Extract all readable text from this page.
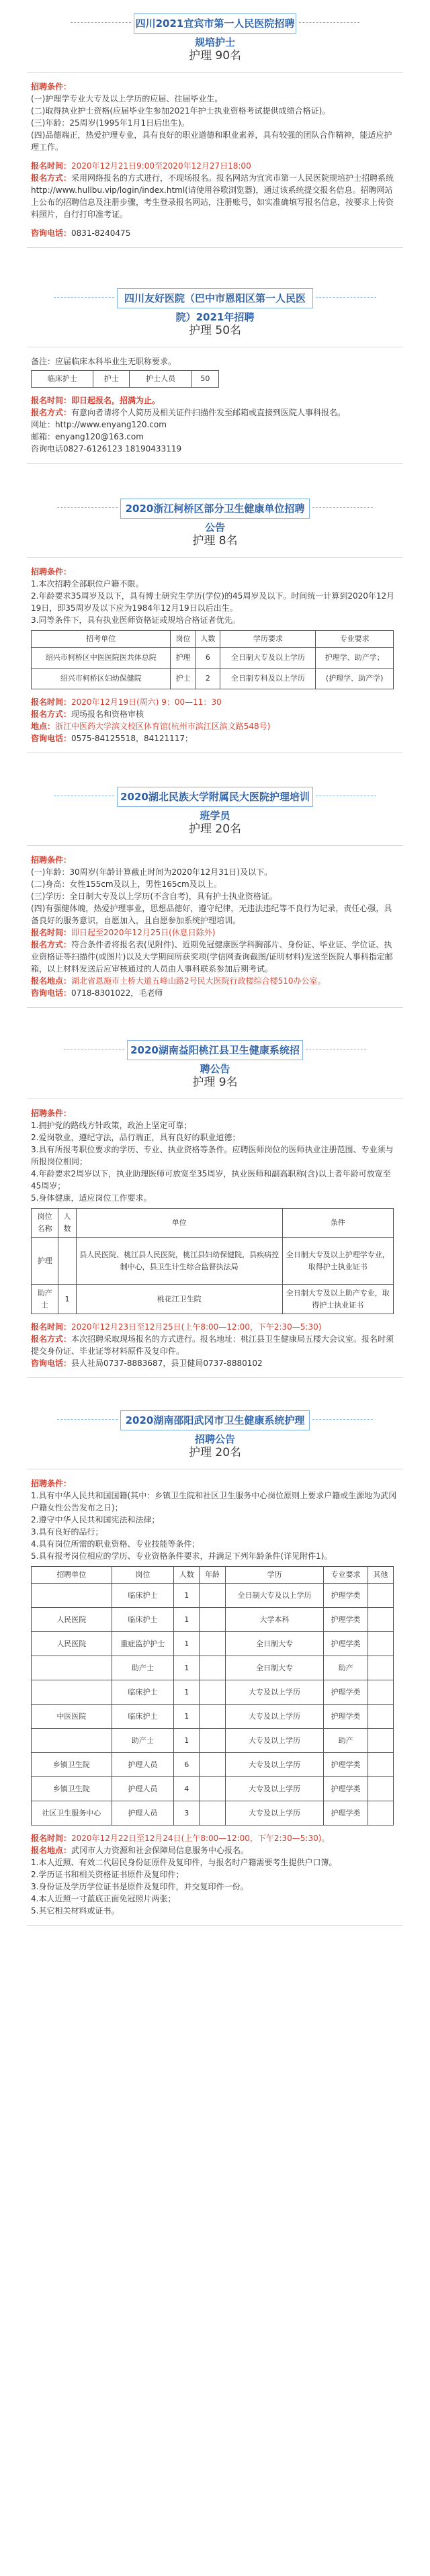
四川2021宜宾市第一人民医院招聘规培护士
护理 90名

招聘条件：

(一)护理学专业大专及以上学历的应届、往届毕业生。

(二)取得执业护士资格(应届毕业生参加2021年护士执业资格考试提供成绩合格证)。

(三)年龄：25周岁(1995年1月1日后出生)。

(四)品德端正，热爱护理专业，具有良好的职业道德和职业素养，具有较强的团队合作精神，能适应护理工作。

报名时间：2020年12月21日9:00至2020年12月27日18:00

报名方式：采用网络报名的方式进行，不现场报名。报名网站为宜宾市第一人民医院规培护士招聘系统http://www.hullbu.vip/login/index.html(请使用谷歌浏览器)，通过该系统提交报名信息。招聘网站上公布的招聘信息及注册步骤，考生登录报名网站，注册账号，如实准确填写报名信息，按要求上传资料照片，自行打印准考证。

咨询电话：0831-8240475

四川友好医院（巴中市恩阳区第一人民医院）2021年招聘
护理 50名

备注：应届临床本科毕业生无职称要求。

临床护士	护士	护士人员	50

报名时间：即日起报名，招满为止。

报名方式：有意向者请将个人简历及相关证件扫描件发至邮箱或直接到医院人事科报名。

网址：http://www.enyang120.com

邮箱：enyang120@163.com

咨询电话0827-6126123 18190433119

2020浙江柯桥区部分卫生健康单位招聘公告
护理 8名

招聘条件：

1.本次招聘全部职位户籍不限。

2.年龄要求35周岁及以下，具有博士研究生学历(学位)的45周岁及以下。时间统一计算到2020年12月19日，即35周岁及以下应为1984年12月19日以后出生。

3.同等条件下，具有执业医师资格证或规培合格证者优先。

招考单位	岗位	人数	学历要求	专业要求
绍兴市柯桥区中医医院医共体总院	护理	6	全日制大专及以上学历	护理学、助产学；
绍兴市柯桥区妇幼保健院	护士	2	全日制专科及以上学历	(护理学、助产学)

报名时间：2020年12月19日(周六) 9：00—11：30

报名方式：现场报名和资格审核

地点：浙江中医药大学滨文校区体育馆(杭州市滨江区滨文路548号)

咨询电话：0575-84125518，84121117；

2020湖北民族大学附属民大医院护理培训班学员
护理 20名

招聘条件：

(一)年龄：30周岁(年龄计算截止时间为2020年12月31日)及以下。

(二)身高：女性155cm及以上，男性165cm及以上。

(三)学历：全日制大专及以上学历(不含自考)，具有护士执业资格证。

(四)有强健体魄，热爱护理事业，思想品德好，遵守纪律，无违法违纪等不良行为记录，责任心强，具备良好的服务意识，自愿加入，且自愿参加系统护理培训。

报名时间：即日起至2020年12月25日(休息日除外)

报名方式：符合条件者将报名表(见附件)、近期免冠健康医学科胸部片、身份证、毕业证、学位证、执业资格证等扫描件(或图片)以及大学期间所获奖项(学信网查询截图/证明材料)发送至医院人事科指定邮箱，以上材料发送后应审核通过的人员由人事科联系参加后期考试。

报名地点：湖北省恩施市土桥大道五峰山路2号民大医院行政楼综合楼510办公室。

咨询电话：0718-8301022，毛老师

2020湖南益阳桃江县卫生健康系统招聘公告
护理 9名

招聘条件：

1.拥护党的路线方针政策，政治上坚定可靠；

2.爱岗敬业，遵纪守法，品行端正，具有良好的职业道德；

3.具有所报考职位要求的学历、专业、执业资格等条件。应聘医师岗位的医师执业注册范围、专业须与所报岗位相同；

4.年龄要求2周岁以下，执业助理医师可放宽至35周岁，执业医师和副高职称(含)以上者年龄可放宽至45周岁；

5.身体健康，适应岗位工作要求。

岗位名称	人数	单位	条件
护理		县人民医院、桃江县人民医院，桃江县妇幼保健院，县疾病控制中心，县卫生计生综合监督执法局	全日制大专及以上护理学专业，取得护士执业证书
助产士	1	桃花江卫生院	全日制大专及以上助产专业，取得护士执业证书

报名时间：2020年12月23日至12月25日(上午8:00—12:00，下午2:30—5:30)

报名方式：本次招聘采取现场报名的方式进行。报名地址：桃江县卫生健康局五楼大会议室。报名时须提交身份证、毕业证等材料原件及复印件。

咨询电话：县人社局0737-8883687，县卫健局0737-8880102

2020湖南邵阳武冈市卫生健康系统护理招聘公告
护理 20名

招聘条件：

1.具有中华人民共和国国籍(其中：乡镇卫生院和社区卫生服务中心岗位原则上要求户籍或生源地为武冈户籍女性公告发布之日)；

2.遵守中华人民共和国宪法和法律；

3.具有良好的品行；

4.具有岗位所需的职业资格、专业技能等条件；

5.具有报考岗位相应的学历、专业资格条件要求，并满足下列年龄条件(详见附件1)。

招聘单位	岗位	人数	年龄	学历	专业要求	其他
	临床护士	1		全日制大专及以上学历	护理学类	
人民医院	临床护士	1		大学本科	护理学类	
人民医院	重症监护护士	1		全日制大专	护理学类	
	助产士	1		全日制大专	助产	
	临床护士	1		大专及以上学历	护理学类	
中医医院	临床护士	1		大专及以上学历	护理学类	
	助产士	1		大专及以上学历	助产	
乡镇卫生院	护理人员	6		大专及以上学历	护理学类	
乡镇卫生院	护理人员	4		大专及以上学历	护理学类	
社区卫生服务中心	护理人员	3		大专及以上学历	护理学类	

报名时间：2020年12月22日至12月24日(上午8:00—12:00，下午2:30—5:30)。

报名地点：武冈市人力资源和社会保障局信息服务中心报名。

1.本人近照、有效二代居民身份证原件及复印件，与报名时户籍需要考生提供户口簿。

2.学历证书和相关资格证书原件及复印件；

3.身份证及学历学位证书是原件及复印件，并交复印件一份。

4.本人近照一寸蓝底正面免冠照片两张；

5.其它相关材料或证书。
